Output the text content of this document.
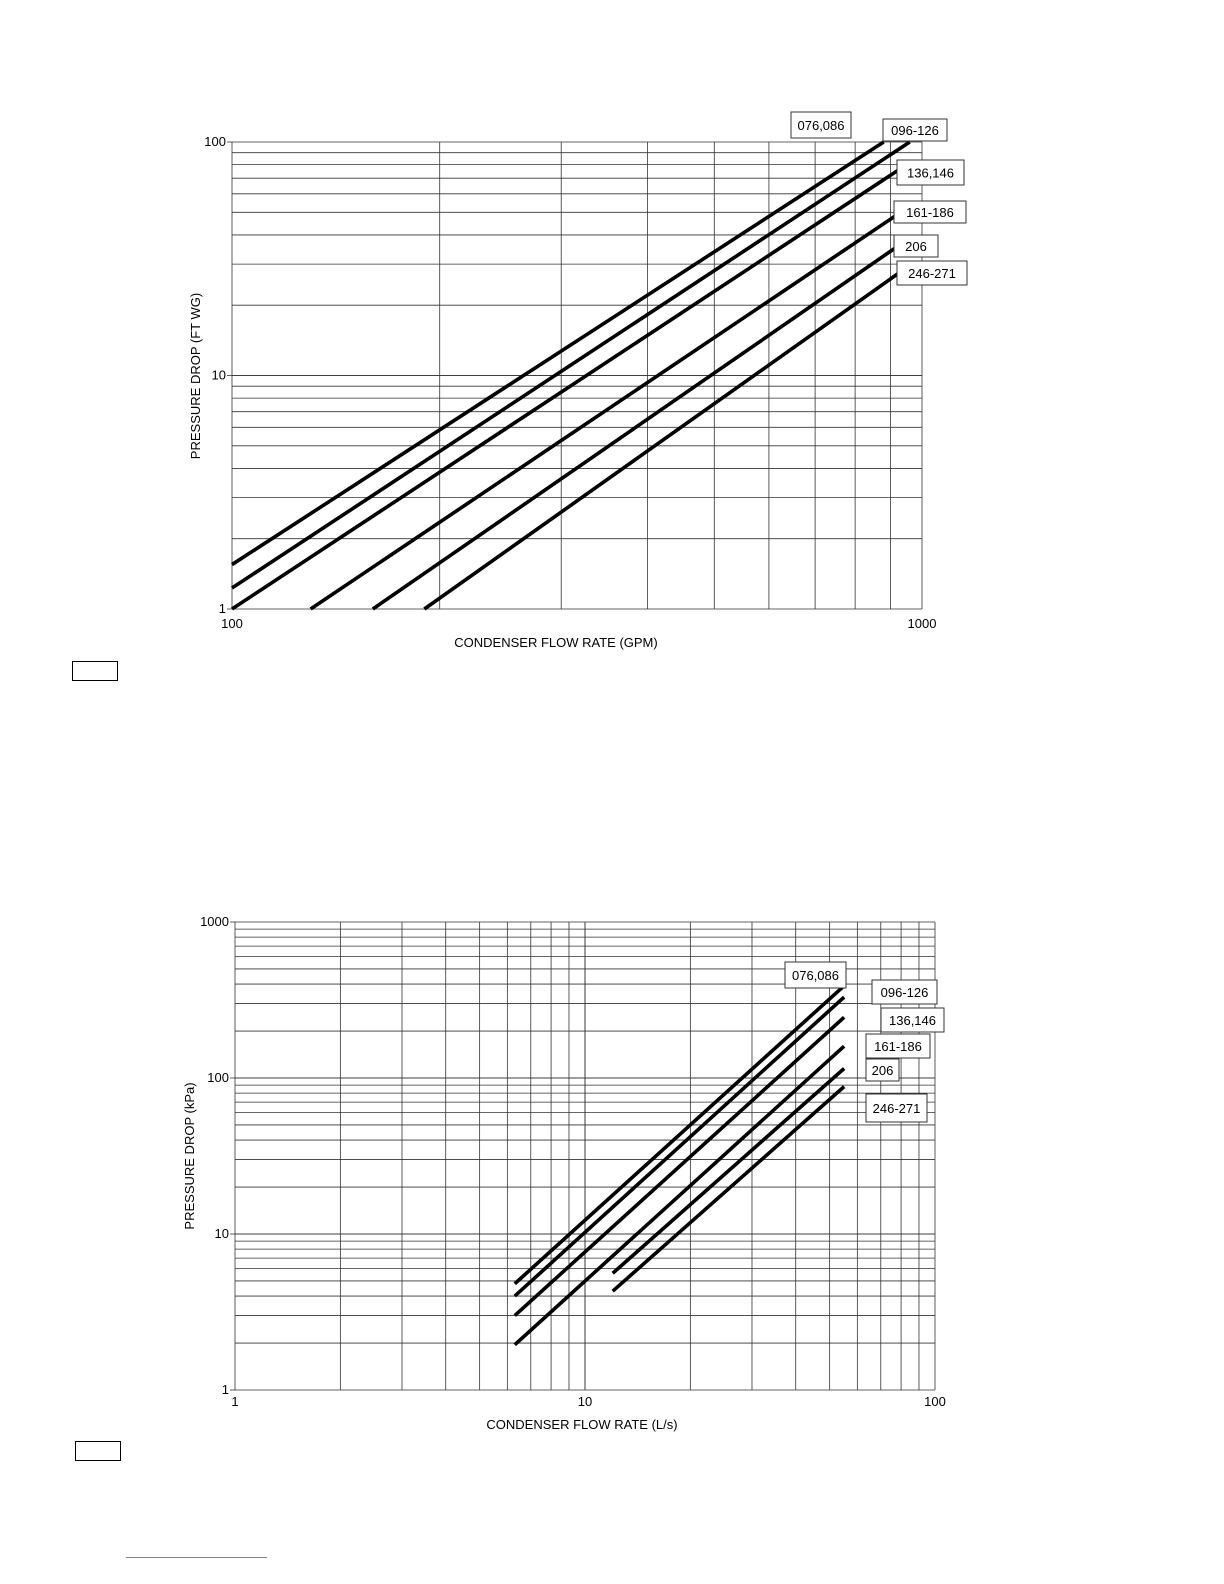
1
10
100
100	1000
CONDENSER FLOW RATE (GPM)
PRESSURE DROP (FT WG)
076,086	096-126
136,146
161-186
206
246-271
1
10
100
1000
1	10	100
CONDENSER FLOW RATE (L/s)
PRESSURE DROP (kPa)
076,086
096-126
136,146
161-186
206
246-271
